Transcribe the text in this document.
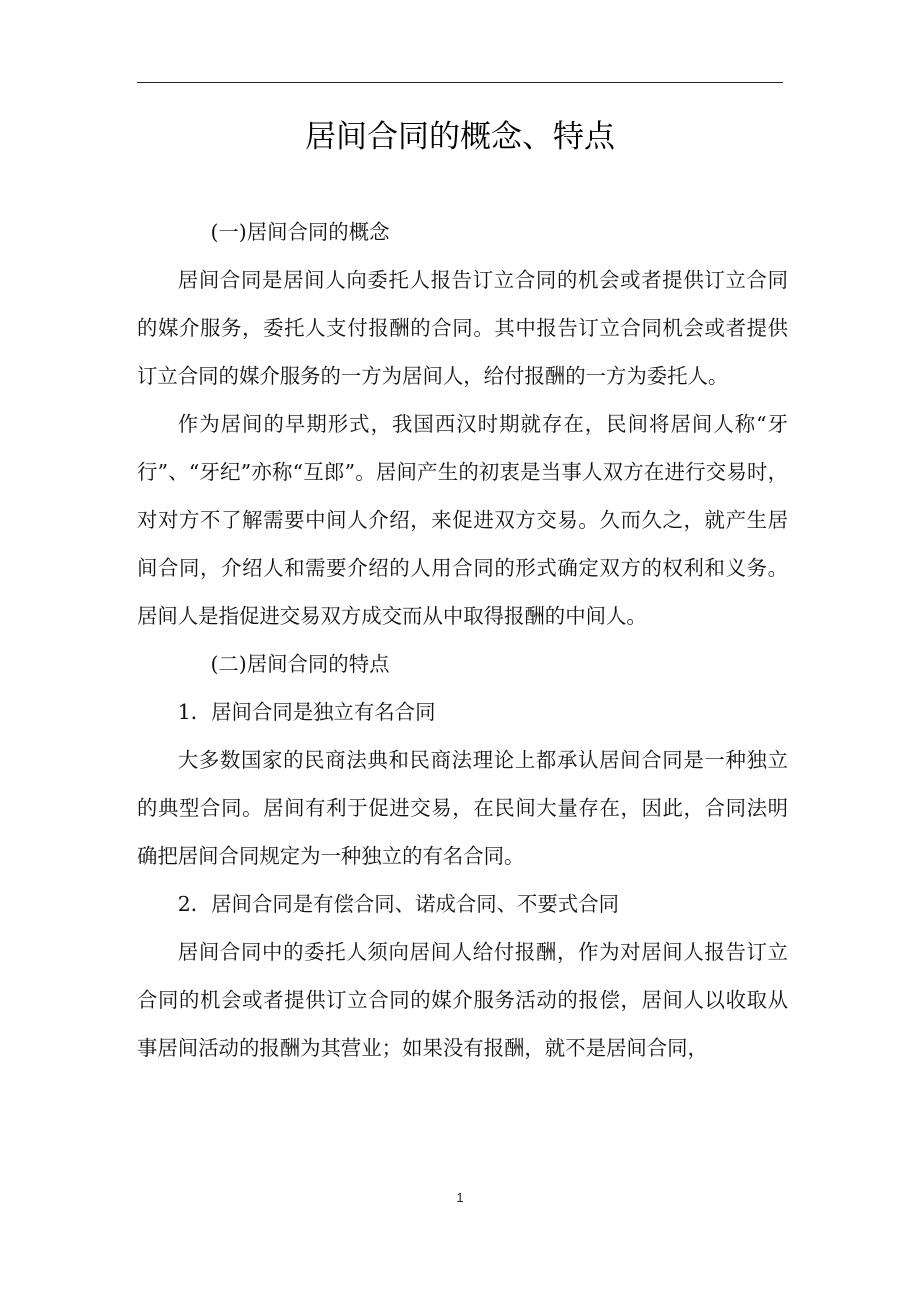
居间合同的概念、特点

(一)居间合同的概念

居间合同是居间人向委托人报告订立合同的机会或者提供订立合同的媒介服务，委托人支付报酬的合同。其中报告订立合同机会或者提供订立合同的媒介服务的一方为居间人，给付报酬的一方为委托人。

作为居间的早期形式，我国西汉时期就存在，民间将居间人称“牙行”、“牙纪”亦称“互郎”。居间产生的初衷是当事人双方在进行交易时，对对方不了解需要中间人介绍，来促进双方交易。久而久之，就产生居间合同，介绍人和需要介绍的人用合同的形式确定双方的权利和义务。居间人是指促进交易双方成交而从中取得报酬的中间人。

(二)居间合同的特点

1．居间合同是独立有名合同

大多数国家的民商法典和民商法理论上都承认居间合同是一种独立的典型合同。居间有利于促进交易，在民间大量存在，因此，合同法明确把居间合同规定为一种独立的有名合同。

2．居间合同是有偿合同、诺成合同、不要式合同

居间合同中的委托人须向居间人给付报酬，作为对居间人报告订立合同的机会或者提供订立合同的媒介服务活动的报偿，居间人以收取从事居间活动的报酬为其营业；如果没有报酬，就不是居间合同，

1
